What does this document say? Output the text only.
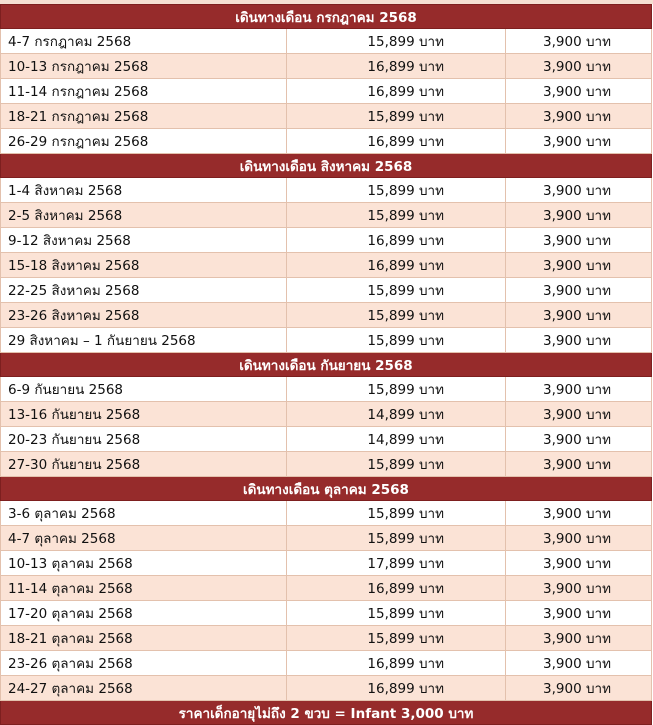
เดินทางเดือน กรกฎาคม 2568		
4-7 กรกฎาคม 2568	15,899 บาท	3,900 บาท
10-13 กรกฎาคม 2568	16,899 บาท	3,900 บาท
11-14 กรกฎาคม 2568	16,899 บาท	3,900 บาท
18-21 กรกฎาคม 2568	15,899 บาท	3,900 บาท
26-29 กรกฎาคม 2568	16,899 บาท	3,900 บาท
เดินทางเดือน สิงหาคม 2568		
1-4 สิงหาคม 2568	15,899 บาท	3,900 บาท
2-5 สิงหาคม 2568	15,899 บาท	3,900 บาท
9-12 สิงหาคม 2568	16,899 บาท	3,900 บาท
15-18 สิงหาคม 2568	16,899 บาท	3,900 บาท
22-25 สิงหาคม 2568	15,899 บาท	3,900 บาท
23-26 สิงหาคม 2568	15,899 บาท	3,900 บาท
29 สิงหาคม – 1 กันยายน 2568	15,899 บาท	3,900 บาท
เดินทางเดือน กันยายน 2568		
6-9 กันยายน 2568	15,899 บาท	3,900 บาท
13-16 กันยายน 2568	14,899 บาท	3,900 บาท
20-23 กันยายน 2568	14,899 บาท	3,900 บาท
27-30 กันยายน 2568	15,899 บาท	3,900 บาท
เดินทางเดือน ตุลาคม 2568		
3-6 ตุลาคม 2568	15,899 บาท	3,900 บาท
4-7 ตุลาคม 2568	15,899 บาท	3,900 บาท
10-13 ตุลาคม 2568	17,899 บาท	3,900 บาท
11-14 ตุลาคม 2568	16,899 บาท	3,900 บาท
17-20 ตุลาคม 2568	15,899 บาท	3,900 บาท
18-21 ตุลาคม 2568	15,899 บาท	3,900 บาท
23-26 ตุลาคม 2568	16,899 บาท	3,900 บาท
24-27 ตุลาคม 2568	16,899 บาท	3,900 บาท
ราคาเด็กอายุไม่ถึง 2 ขวบ = Infant 3,000 บาท		
